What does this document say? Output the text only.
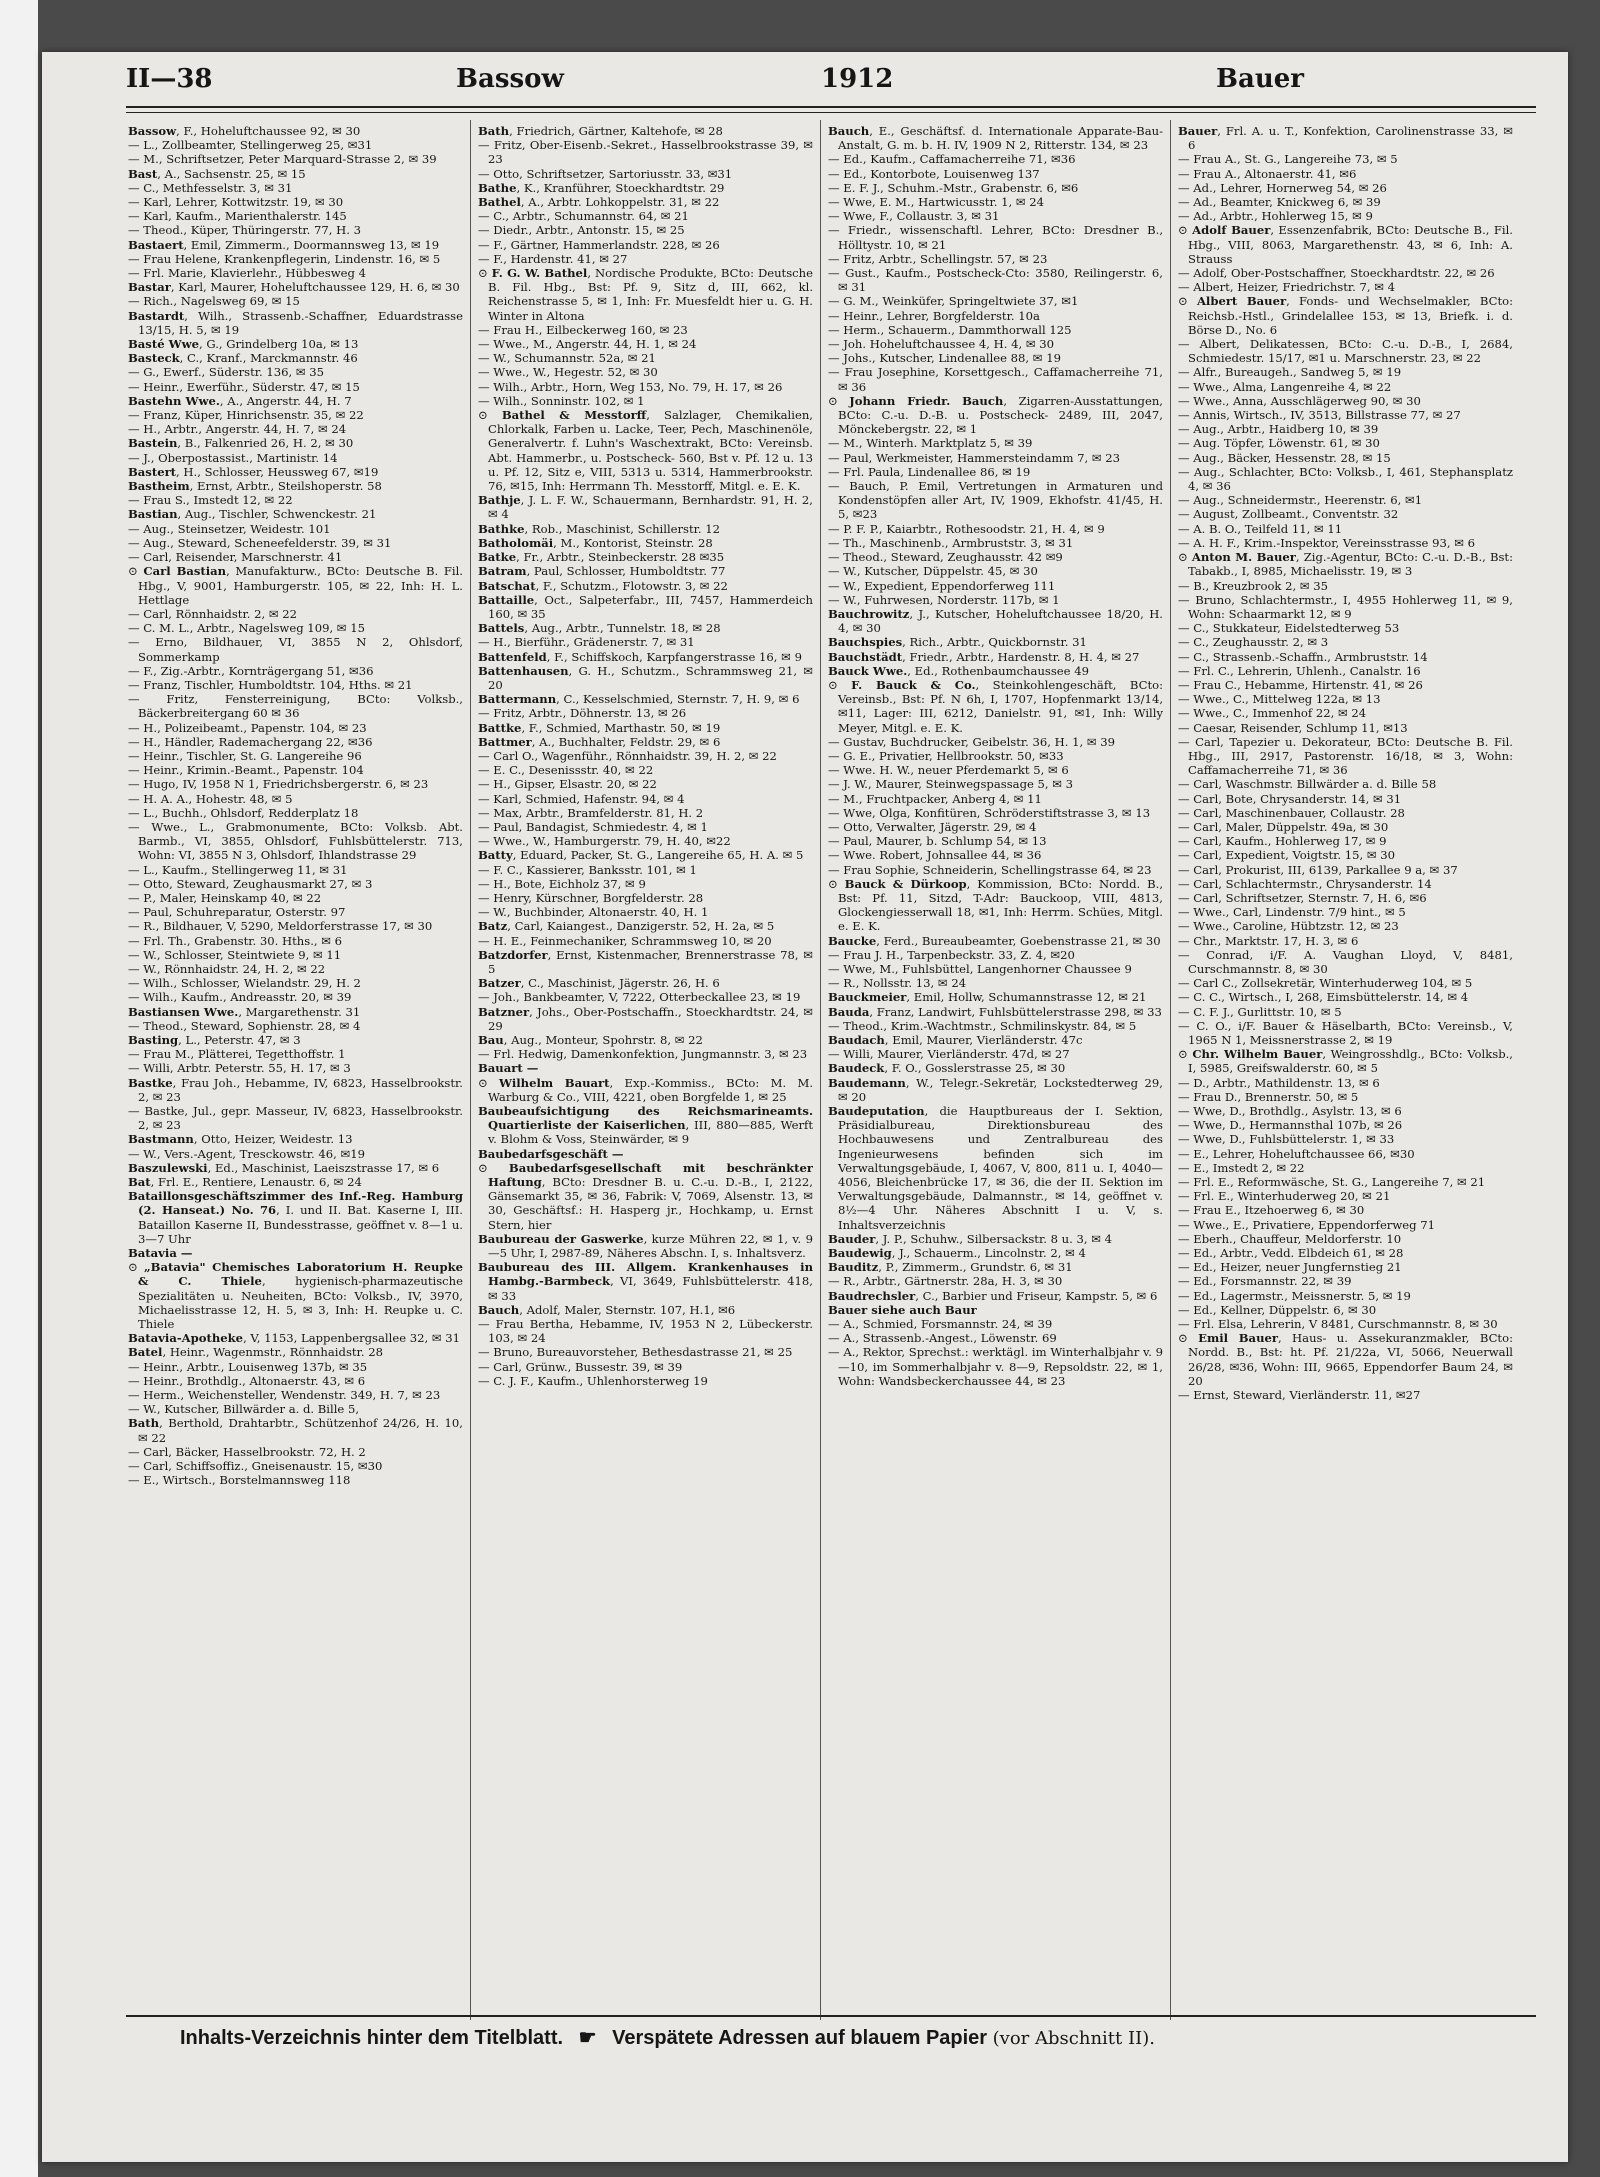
II—38	Bassow	1912	Bauer

Bassow, F., Hoheluftchaussee 92, ✉ 30

— L., Zollbeamter, Stellingerweg 25, ✉31

— M., Schriftsetzer, Peter Marquard-Strasse 2, ✉ 39

Bast, A., Sachsenstr. 25, ✉ 15

— C., Methfesselstr. 3, ✉ 31

— Karl, Lehrer, Kottwitzstr. 19, ✉ 30

— Karl, Kaufm., Marienthalerstr. 145

— Theod., Küper, Thüringerstr. 77, H. 3

Bastaert, Emil, Zimmerm., Doormannsweg 13, ✉ 19

— Frau Helene, Krankenpflegerin, Lindenstr. 16, ✉ 5

— Frl. Marie, Klavierlehr., Hübbesweg 4

Bastar, Karl, Maurer, Hoheluftchaussee 129, H. 6, ✉ 30

— Rich., Nagelsweg 69, ✉ 15

Bastardt, Wilh., Strassenb.-Schaffner, Eduardstrasse 13/15, H. 5, ✉ 19

Basté Wwe, G., Grindelberg 10a, ✉ 13

Basteck, C., Kranf., Marckmannstr. 46

— G., Ewerf., Süderstr. 136, ✉ 35

— Heinr., Ewerführ., Süderstr. 47, ✉ 15

Bastehn Wwe., A., Angerstr. 44, H. 7

— Franz, Küper, Hinrichsenstr. 35, ✉ 22

— H., Arbtr., Angerstr. 44, H. 7, ✉ 24

Bastein, B., Falkenried 26, H. 2, ✉ 30

— J., Oberpostassist., Martinistr. 14

Bastert, H., Schlosser, Heussweg 67, ✉19

Bastheim, Ernst, Arbtr., Steilshoperstr. 58

— Frau S., Imstedt 12, ✉ 22

Bastian, Aug., Tischler, Schwenckestr. 21

— Aug., Steinsetzer, Weidestr. 101

— Aug., Steward, Scheneefelderstr. 39, ✉ 31

— Carl, Reisender, Marschnerstr. 41

⊙ Carl Bastian, Manufakturw., BCto: Deutsche B. Fil. Hbg., V, 9001, Hamburgerstr. 105, ✉ 22, Inh: H. L. Hettlage

— Carl, Rönnhaidstr. 2, ✉ 22

— C. M. L., Arbtr., Nagelsweg 109, ✉ 15

— Erno, Bildhauer, VI, 3855 N 2, Ohlsdorf, Sommerkamp

— F., Zig.-Arbtr., Kornträgergang 51, ✉36

— Franz, Tischler, Humboldtstr. 104, Hths. ✉ 21

— Fritz, Fensterreinigung, BCto: Volksb., Bäckerbreitergang 60 ✉ 36

— H., Polizeibeamt., Papenstr. 104, ✉ 23

— H., Händler, Rademachergang 22, ✉36

— Heinr., Tischler, St. G. Langereihe 96

— Heinr., Krimin.-Beamt., Papenstr. 104

— Hugo, IV, 1958 N 1, Friedrichsbergerstr. 6, ✉ 23

— H. A. A., Hohestr. 48, ✉ 5

— L., Buchh., Ohlsdorf, Redderplatz 18

— Wwe., L., Grabmonumente, BCto: Volksb. Abt. Barmb., VI, 3855, Ohlsdorf, Fuhlsbüttelerstr. 713, Wohn: VI, 3855 N 3, Ohlsdorf, Ihlandstrasse 29

— L., Kaufm., Stellingerweg 11, ✉ 31

— Otto, Steward, Zeughausmarkt 27, ✉ 3

— P., Maler, Heinskamp 40, ✉ 22

— Paul, Schuhreparatur, Osterstr. 97

— R., Bildhauer, V, 5290, Meldorferstrasse 17, ✉ 30

— Frl. Th., Grabenstr. 30. Hths., ✉ 6

— W., Schlosser, Steintwiete 9, ✉ 11

— W., Rönnhaidstr. 24, H. 2, ✉ 22

— Wilh., Schlosser, Wielandstr. 29, H. 2

— Wilh., Kaufm., Andreasstr. 20, ✉ 39

Bastiansen Wwe., Margarethenstr. 31

— Theod., Steward, Sophienstr. 28, ✉ 4

Basting, L., Peterstr. 47, ✉ 3

— Frau M., Plätterei, Tegetthoffstr. 1

— Willi, Arbtr. Peterstr. 55, H. 17, ✉ 3

Bastke, Frau Joh., Hebamme, IV, 6823, Hasselbrookstr. 2, ✉ 23

— Bastke, Jul., gepr. Masseur, IV, 6823, Hasselbrookstr. 2, ✉ 23

Bastmann, Otto, Heizer, Weidestr. 13

— W., Vers.-Agent, Tresckowstr. 46, ✉19

Baszulewski, Ed., Maschinist, Laeiszstrasse 17, ✉ 6

Bat, Frl. E., Rentiere, Lenaustr. 6, ✉ 24

Bataillonsgeschäftszimmer des Inf.-Reg. Hamburg (2. Hanseat.) No. 76, I. und II. Bat. Kaserne I, III. Bataillon Kaserne II, Bundesstrasse, geöffnet v. 8—1 u. 3—7 Uhr

Batavia —

⊙ „Batavia" Chemisches Laboratorium H. Reupke & C. Thiele, hygienisch-pharmazeutische Spezialitäten u. Neuheiten, BCto: Volksb., IV, 3970, Michaelisstrasse 12, H. 5, ✉ 3, Inh: H. Reupke u. C. Thiele

Batavia-Apotheke, V, 1153, Lappenbergsallee 32, ✉ 31

Batel, Heinr., Wagenmstr., Rönnhaidstr. 28

— Heinr., Arbtr., Louisenweg 137b, ✉ 35

— Heinr., Brothdlg., Altonaerstr. 43, ✉ 6

— Herm., Weichensteller, Wendenstr. 349, H. 7, ✉ 23

— W., Kutscher, Billwärder a. d. Bille 5,

Bath, Berthold, Drahtarbtr., Schützenhof 24/26, H. 10, ✉ 22

— Carl, Bäcker, Hasselbrookstr. 72, H. 2

— Carl, Schiffsoffiz., Gneisenaustr. 15, ✉30

— E., Wirtsch., Borstelmannsweg 118

Bath, Friedrich, Gärtner, Kaltehofe, ✉ 28

— Fritz, Ober-Eisenb.-Sekret., Hasselbrookstrasse 39, ✉ 23

— Otto, Schriftsetzer, Sartoriusstr. 33, ✉31

Bathe, K., Kranführer, Stoeckhardtstr. 29

Bathel, A., Arbtr. Lohkoppelstr. 31, ✉ 22

— C., Arbtr., Schumannstr. 64, ✉ 21

— Diedr., Arbtr., Antonstr. 15, ✉ 25

— F., Gärtner, Hammerlandstr. 228, ✉ 26

— F., Hardenstr. 41, ✉ 27

⊙ F. G. W. Bathel, Nordische Produkte, BCto: Deutsche B. Fil. Hbg., Bst: Pf. 9, Sitz d, III, 662, kl. Reichenstrasse 5, ✉ 1, Inh: Fr. Muesfeldt hier u. G. H. Winter in Altona

— Frau H., Eilbeckerweg 160, ✉ 23

— Wwe., M., Angerstr. 44, H. 1, ✉ 24

— W., Schumannstr. 52a, ✉ 21

— Wwe., W., Hegestr. 52, ✉ 30

— Wilh., Arbtr., Horn, Weg 153, No. 79, H. 17, ✉ 26

— Wilh., Sonninstr. 102, ✉ 1

⊙ Bathel & Messtorff, Salzlager, Chemikalien, Chlorkalk, Farben u. Lacke, Teer, Pech, Maschinenöle, Generalvertr. f. Luhn's Waschextrakt, BCto: Vereinsb. Abt. Hammerbr., u. Postscheck- 560, Bst v. Pf. 12 u. 13 u. Pf. 12, Sitz e, VIII, 5313 u. 5314, Hammerbrookstr. 76, ✉15, Inh: Herrmann Th. Messtorff, Mitgl. e. E. K.

Bathje, J. L. F. W., Schauermann, Bernhardstr. 91, H. 2, ✉ 4

Bathke, Rob., Maschinist, Schillerstr. 12

Batholomäi, M., Kontorist, Steinstr. 28

Batke, Fr., Arbtr., Steinbeckerstr. 28 ✉35

Batram, Paul, Schlosser, Humboldtstr. 77

Batschat, F., Schutzm., Flotowstr. 3, ✉ 22

Battaille, Oct., Salpeterfabr., III, 7457, Hammerdeich 160, ✉ 35

Battels, Aug., Arbtr., Tunnelstr. 18, ✉ 28

— H., Bierführ., Grädenerstr. 7, ✉ 31

Battenfeld, F., Schiffskoch, Karpfangerstrasse 16, ✉ 9

Battenhausen, G. H., Schutzm., Schrammsweg 21, ✉ 20

Battermann, C., Kesselschmied, Sternstr. 7, H. 9, ✉ 6

— Fritz, Arbtr., Döhnerstr. 13, ✉ 26

Battke, F., Schmied, Marthastr. 50, ✉ 19

Battmer, A., Buchhalter, Feldstr. 29, ✉ 6

— Carl O., Wagenführ., Rönnhaidstr. 39, H. 2, ✉ 22

— E. C., Desenissstr. 40, ✉ 22

— H., Gipser, Elsastr. 20, ✉ 22

— Karl, Schmied, Hafenstr. 94, ✉ 4

— Max, Arbtr., Bramfelderstr. 81, H. 2

— Paul, Bandagist, Schmiedestr. 4, ✉ 1

— Wwe., W., Hamburgerstr. 79, H. 40, ✉22

Batty, Eduard, Packer, St. G., Langereihe 65, H. A. ✉ 5

— F. C., Kassierer, Banksstr. 101, ✉ 1

— H., Bote, Eichholz 37, ✉ 9

— Henry, Kürschner, Borgfelderstr. 28

— W., Buchbinder, Altonaerstr. 40, H. 1

Batz, Carl, Kaiangest., Danzigerstr. 52, H. 2a, ✉ 5

— H. E., Feinmechaniker, Schrammsweg 10, ✉ 20

Batzdorfer, Ernst, Kistenmacher, Brennerstrasse 78, ✉ 5

Batzer, C., Maschinist, Jägerstr. 26, H. 6

— Joh., Bankbeamter, V, 7222, Otterbeckallee 23, ✉ 19

Batzner, Johs., Ober-Postschaffn., Stoeckhardtstr. 24, ✉ 29

Bau, Aug., Monteur, Spohrstr. 8, ✉ 22

— Frl. Hedwig, Damenkonfektion, Jungmannstr. 3, ✉ 23

Bauart —

⊙ Wilhelm Bauart, Exp.-Kommiss., BCto: M. M. Warburg & Co., VIII, 4221, oben Borgfelde 1, ✉ 25

Baubeaufsichtigung des Reichsmarineamts. Quartierliste der Kaiserlichen, III, 880—885, Werft v. Blohm & Voss, Steinwärder, ✉ 9

Baubedarfsgeschäft —

⊙ Baubedarfsgesellschaft mit beschränkter Haftung, BCto: Dresdner B. u. C.-u. D.-B., I, 2122, Gänsemarkt 35, ✉ 36, Fabrik: V, 7069, Alsenstr. 13, ✉ 30, Geschäftsf.: H. Hasperg jr., Hochkamp, u. Ernst Stern, hier

Baubureau der Gaswerke, kurze Mühren 22, ✉ 1, v. 9—5 Uhr, I, 2987-89, Näheres Abschn. I, s. Inhaltsverz.

Baubureau des III. Allgem. Krankenhauses in Hambg.-Barmbeck, VI, 3649, Fuhlsbüttelerstr. 418, ✉ 33

Bauch, Adolf, Maler, Sternstr. 107, H.1, ✉6

— Frau Bertha, Hebamme, IV, 1953 N 2, Lübeckerstr. 103, ✉ 24

— Bruno, Bureauvorsteher, Bethesdastrasse 21, ✉ 25

— Carl, Grünw., Bussestr. 39, ✉ 39

— C. J. F., Kaufm., Uhlenhorsterweg 19

Bauch, E., Geschäftsf. d. Internationale Apparate-Bau-Anstalt, G. m. b. H. IV, 1909 N 2, Ritterstr. 134, ✉ 23

— Ed., Kaufm., Caffamacherreihe 71, ✉36

— Ed., Kontorbote, Louisenweg 137

— E. F. J., Schuhm.-Mstr., Grabenstr. 6, ✉6

— Wwe, E. M., Hartwicusstr. 1, ✉ 24

— Wwe, F., Collaustr. 3, ✉ 31

— Friedr., wissenschaftl. Lehrer, BCto: Dresdner B., Hölltystr. 10, ✉ 21

— Fritz, Arbtr., Schellingstr. 57, ✉ 23

— Gust., Kaufm., Postscheck-Cto: 3580, Reilingerstr. 6, ✉ 31

— G. M., Weinküfer, Springeltwiete 37, ✉1

— Heinr., Lehrer, Borgfelderstr. 10a

— Herm., Schauerm., Dammthorwall 125

— Joh. Hoheluftchaussee 4, H. 4, ✉ 30

— Johs., Kutscher, Lindenallee 88, ✉ 19

— Frau Josephine, Korsettgesch., Caffamacherreihe 71, ✉ 36

⊙ Johann Friedr. Bauch, Zigarren-Ausstattungen, BCto: C.-u. D.-B. u. Postscheck- 2489, III, 2047, Mönckebergstr. 22, ✉ 1

— M., Winterh. Marktplatz 5, ✉ 39

— Paul, Werkmeister, Hammersteindamm 7, ✉ 23

— Frl. Paula, Lindenallee 86, ✉ 19

— Bauch, P. Emil, Vertretungen in Armaturen und Kondenstöpfen aller Art, IV, 1909, Ekhofstr. 41/45, H. 5, ✉23

— P. F. P., Kaiarbtr., Rothesoodstr. 21, H. 4, ✉ 9

— Th., Maschinenb., Armbruststr. 3, ✉ 31

— Theod., Steward, Zeughausstr. 42 ✉9

— W., Kutscher, Düppelstr. 45, ✉ 30

— W., Expedient, Eppendorferweg 111

— W., Fuhrwesen, Norderstr. 117b, ✉ 1

Bauchrowitz, J., Kutscher, Hoheluftchaussee 18/20, H. 4, ✉ 30

Bauchspies, Rich., Arbtr., Quickbornstr. 31

Bauchstädt, Friedr., Arbtr., Hardenstr. 8, H. 4, ✉ 27

Bauck Wwe., Ed., Rothenbaumchaussee 49

⊙ F. Bauck & Co., Steinkohlengeschäft, BCto: Vereinsb., Bst: Pf. N 6h, I, 1707, Hopfenmarkt 13/14, ✉11, Lager: III, 6212, Danielstr. 91, ✉1, Inh: Willy Meyer, Mitgl. e. E. K.

— Gustav, Buchdrucker, Geibelstr. 36, H. 1, ✉ 39

— G. E., Privatier, Hellbrookstr. 50, ✉33

— Wwe. H. W., neuer Pferdemarkt 5, ✉ 6

— J. W., Maurer, Steinwegspassage 5, ✉ 3

— M., Fruchtpacker, Anberg 4, ✉ 11

— Wwe, Olga, Konfitüren, Schröderstiftstrasse 3, ✉ 13

— Otto, Verwalter, Jägerstr. 29, ✉ 4

— Paul, Maurer, b. Schlump 54, ✉ 13

— Wwe. Robert, Johnsallee 44, ✉ 36

— Frau Sophie, Schneiderin, Schellingstrasse 64, ✉ 23

⊙ Bauck & Dürkoop, Kommission, BCto: Nordd. B., Bst: Pf. 11, Sitzd, T-Adr: Bauckoop, VIII, 4813, Glockengiesserwall 18, ✉1, Inh: Herrm. Schües, Mitgl. e. E. K.

Baucke, Ferd., Bureaubeamter, Goebenstrasse 21, ✉ 30

— Frau J. H., Tarpenbeckstr. 33, Z. 4, ✉20

— Wwe, M., Fuhlsbüttel, Langenhorner Chaussee 9

— R., Nollsstr. 13, ✉ 24

Bauckmeier, Emil, Hollw, Schumannstrasse 12, ✉ 21

Bauda, Franz, Landwirt, Fuhlsbüttelerstrasse 298, ✉ 33

— Theod., Krim.-Wachtmstr., Schmilinskystr. 84, ✉ 5

Baudach, Emil, Maurer, Vierländerstr. 47c

— Willi, Maurer, Vierländerstr. 47d, ✉ 27

Baudeck, F. O., Gosslerstrasse 25, ✉ 30

Baudemann, W., Telegr.-Sekretär, Lockstedterweg 29, ✉ 20

Baudeputation, die Hauptbureaus der I. Sektion, Präsidialbureau, Direktionsbureau des Hochbauwesens und Zentralbureau des Ingenieurwesens befinden sich im Verwaltungsgebäude, I, 4067, V, 800, 811 u. I, 4040—4056, Bleichenbrücke 17, ✉ 36, die der II. Sektion im Verwaltungsgebäude, Dalmannstr., ✉ 14, geöffnet v. 8½—4 Uhr. Näheres Abschnitt I u. V, s. Inhaltsverzeichnis

Bauder, J. P., Schuhw., Silbersackstr. 8 u. 3, ✉ 4

Baudewig, J., Schauerm., Lincolnstr. 2, ✉ 4

Bauditz, P., Zimmerm., Grundstr. 6, ✉ 31

— R., Arbtr., Gärtnerstr. 28a, H. 3, ✉ 30

Baudrechsler, C., Barbier und Friseur, Kampstr. 5, ✉ 6

Bauer siehe auch Baur

— A., Schmied, Forsmannstr. 24, ✉ 39

— A., Strassenb.-Angest., Löwenstr. 69

— A., Rektor, Sprechst.: werktägl. im Winterhalbjahr v. 9—10, im Sommerhalbjahr v. 8—9, Repsoldstr. 22, ✉ 1, Wohn: Wandsbeckerchaussee 44, ✉ 23

Bauer, Frl. A. u. T., Konfektion, Carolinenstrasse 33, ✉ 6

— Frau A., St. G., Langereihe 73, ✉ 5

— Frau A., Altonaerstr. 41, ✉6

— Ad., Lehrer, Hornerweg 54, ✉ 26

— Ad., Beamter, Knickweg 6, ✉ 39

— Ad., Arbtr., Hohlerweg 15, ✉ 9

⊙ Adolf Bauer, Essenzenfabrik, BCto: Deutsche B., Fil. Hbg., VIII, 8063, Margarethenstr. 43, ✉ 6, Inh: A. Strauss

— Adolf, Ober-Postschaffner, Stoeckhardtstr. 22, ✉ 26

— Albert, Heizer, Friedrichstr. 7, ✉ 4

⊙ Albert Bauer, Fonds- und Wechselmakler, BCto: Reichsb.-Hstl., Grindelallee 153, ✉ 13, Briefk. i. d. Börse D., No. 6

— Albert, Delikatessen, BCto: C.-u. D.-B., I, 2684, Schmiedestr. 15/17, ✉1 u. Marschnerstr. 23, ✉ 22

— Alfr., Bureaugeh., Sandweg 5, ✉ 19

— Wwe., Alma, Langenreihe 4, ✉ 22

— Wwe., Anna, Ausschlägerweg 90, ✉ 30

— Annis, Wirtsch., IV, 3513, Billstrasse 77, ✉ 27

— Aug., Arbtr., Haidberg 10, ✉ 39

— Aug. Töpfer, Löwenstr. 61, ✉ 30

— Aug., Bäcker, Hessenstr. 28, ✉ 15

— Aug., Schlachter, BCto: Volksb., I, 461, Stephansplatz 4, ✉ 36

— Aug., Schneidermstr., Heerenstr. 6, ✉1

— August, Zollbeamt., Conventstr. 32

— A. B. O., Teilfeld 11, ✉ 11

— A. H. F., Krim.-Inspektor, Vereinsstrasse 93, ✉ 6

⊙ Anton M. Bauer, Zig.-Agentur, BCto: C.-u. D.-B., Bst: Tabakb., I, 8985, Michaelisstr. 19, ✉ 3

— B., Kreuzbrook 2, ✉ 35

— Bruno, Schlachtermstr., I, 4955 Hohlerweg 11, ✉ 9, Wohn: Schaarmarkt 12, ✉ 9

— C., Stukkateur, Eidelstedterweg 53

— C., Zeughausstr. 2, ✉ 3

— C., Strassenb.-Schaffn., Armbruststr. 14

— Frl. C., Lehrerin, Uhlenh., Canalstr. 16

— Frau C., Hebamme, Hirtenstr. 41, ✉ 26

— Wwe., C., Mittelweg 122a, ✉ 13

— Wwe., C., Immenhof 22, ✉ 24

— Caesar, Reisender, Schlump 11, ✉13

— Carl, Tapezier u. Dekorateur, BCto: Deutsche B. Fil. Hbg., III, 2917, Pastorenstr. 16/18, ✉ 3, Wohn: Caffamacherreihe 71, ✉ 36

— Carl, Waschmstr. Billwärder a. d. Bille 58

— Carl, Bote, Chrysanderstr. 14, ✉ 31

— Carl, Maschinenbauer, Collaustr. 28

— Carl, Maler, Düppelstr. 49a, ✉ 30

— Carl, Kaufm., Hohlerweg 17, ✉ 9

— Carl, Expedient, Voigtstr. 15, ✉ 30

— Carl, Prokurist, III, 6139, Parkallee 9 a, ✉ 37

— Carl, Schlachtermstr., Chrysanderstr. 14

— Carl, Schriftsetzer, Sternstr. 7, H. 6, ✉6

— Wwe., Carl, Lindenstr. 7/9 hint., ✉ 5

— Wwe., Caroline, Hübtzstr. 12, ✉ 23

— Chr., Marktstr. 17, H. 3, ✉ 6

— Conrad, i/F. A. Vaughan Lloyd, V, 8481, Curschmannstr. 8, ✉ 30

— Carl C., Zollsekretär, Winterhuderweg 104, ✉ 5

— C. C., Wirtsch., I, 268, Eimsbüttelerstr. 14, ✉ 4

— C. F. J., Gurlittstr. 10, ✉ 5

— C. O., i/F. Bauer & Häselbarth, BCto: Vereinsb., V, 1965 N 1, Meissnerstrasse 2, ✉ 19

⊙ Chr. Wilhelm Bauer, Weingrosshdlg., BCto: Volksb., I, 5985, Greifswalderstr. 60, ✉ 5

— D., Arbtr., Mathildenstr. 13, ✉ 6

— Frau D., Brennerstr. 50, ✉ 5

— Wwe, D., Brothdlg., Asylstr. 13, ✉ 6

— Wwe, D., Hermannsthal 107b, ✉ 26

— Wwe, D., Fuhlsbüttelerstr. 1, ✉ 33

— E., Lehrer, Hoheluftchaussee 66, ✉30

— E., Imstedt 2, ✉ 22

— Frl. E., Reformwäsche, St. G., Langereihe 7, ✉ 21

— Frl. E., Winterhuderweg 20, ✉ 21

— Frau E., Itzehoerweg 6, ✉ 30

— Wwe., E., Privatiere, Eppendorferweg 71

— Eberh., Chauffeur, Meldorferstr. 10

— Ed., Arbtr., Vedd. Elbdeich 61, ✉ 28

— Ed., Heizer, neuer Jungfernstieg 21

— Ed., Forsmannstr. 22, ✉ 39

— Ed., Lagermstr., Meissnerstr. 5, ✉ 19

— Ed., Kellner, Düppelstr. 6, ✉ 30

— Frl. Elsa, Lehrerin, V 8481, Curschmannstr. 8, ✉ 30

⊙ Emil Bauer, Haus- u. Assekuranzmakler, BCto: Nordd. B., Bst: ht. Pf. 21/22a, VI, 5066, Neuerwall 26/28, ✉36, Wohn: III, 9665, Eppendorfer Baum 24, ✉ 20

— Ernst, Steward, Vierländerstr. 11, ✉27

Inhalts-Verzeichnis hinter dem Titelblatt. ☛ Verspätete Adressen auf blauem Papier (vor Abschnitt II).
